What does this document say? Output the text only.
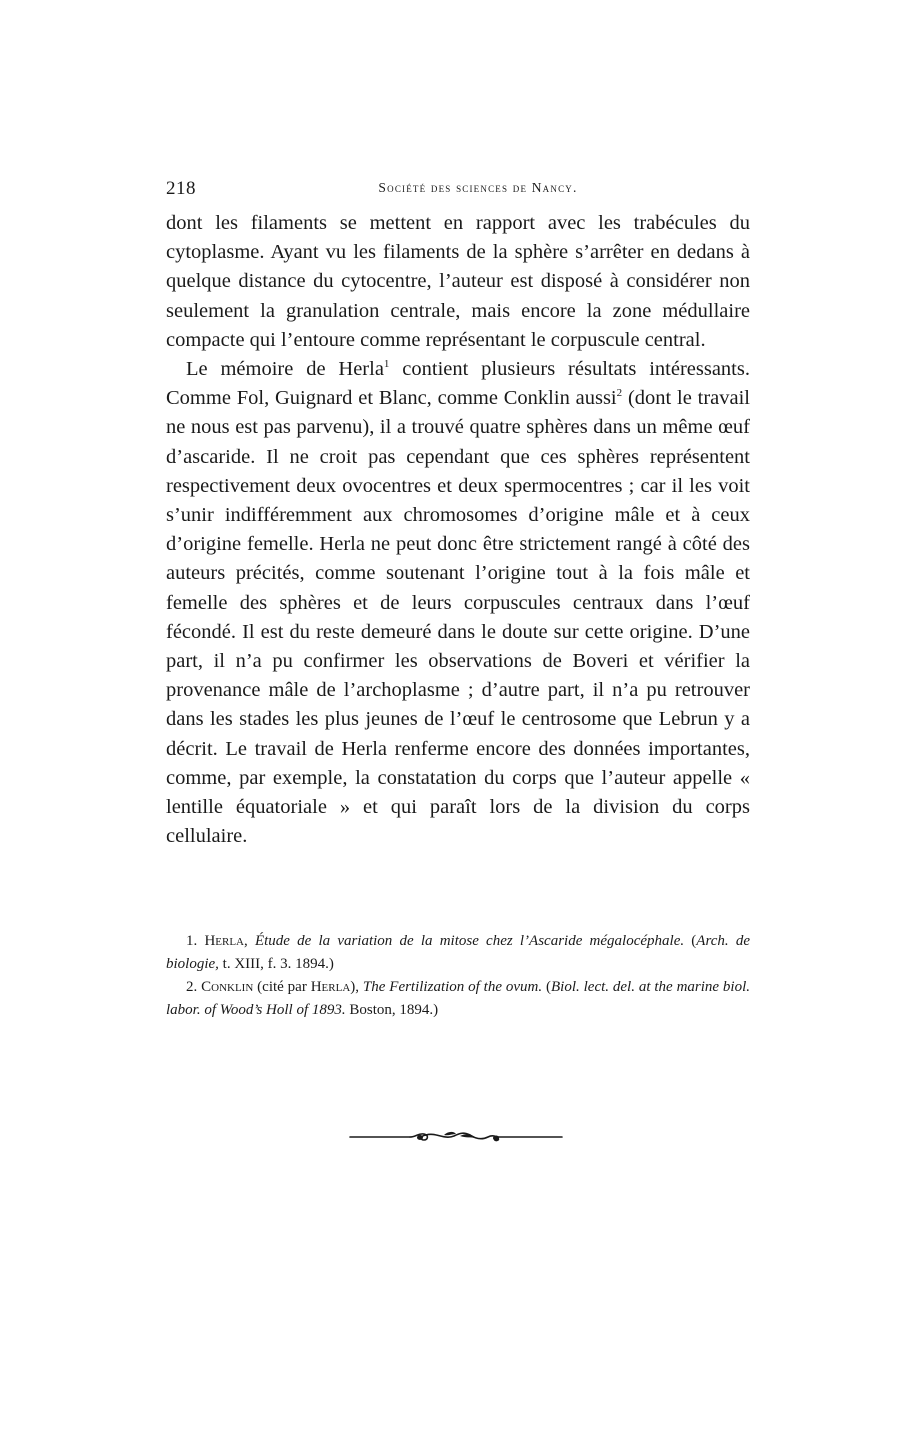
218	Société des sciences de Nancy.

dont les filaments se mettent en rapport avec les trabécules du cytoplasme. Ayant vu les filaments de la sphère s’arrêter en dedans à quelque distance du cytocentre, l’auteur est disposé à considérer non seulement la granulation centrale, mais encore la zone médullaire compacte qui l’entoure comme représentant le corpuscule central.

Le mémoire de Herla$^1$ contient plusieurs résultats intéressants. Comme Fol, Guignard et Blanc, comme Conklin aussi$^2$ (dont le travail ne nous est pas parvenu), il a trouvé quatre sphères dans un même œuf d’ascaride. Il ne croit pas cependant que ces sphères représentent respectivement deux ovocentres et deux spermocentres ; car il les voit s’unir indifféremment aux chromosomes d’origine mâle et à ceux d’origine femelle. Herla ne peut donc être strictement rangé à côté des auteurs précités, comme soutenant l’origine tout à la fois mâle et femelle des sphères et de leurs corpuscules centraux dans l’œuf fécondé. Il est du reste demeuré dans le doute sur cette origine. D’une part, il n’a pu confirmer les observations de Boveri et vérifier la provenance mâle de l’archoplasme ; d’autre part, il n’a pu retrouver dans les stades les plus jeunes de l’œuf le centrosome que Lebrun y a décrit. Le travail de Herla renferme encore des données importantes, comme, par exemple, la constatation du corps que l’auteur appelle « lentille équatoriale » et qui paraît lors de la division du corps cellulaire.

1. Herla, Étude de la variation de la mitose chez l’Ascaride mégalocéphale. (Arch. de biologie, t. XIII, f. 3. 1894.)

2. Conklin (cité par Herla), The Fertilization of the ovum. (Biol. lect. del. at the marine biol. labor. of Wood’s Holl of 1893. Boston, 1894.)
